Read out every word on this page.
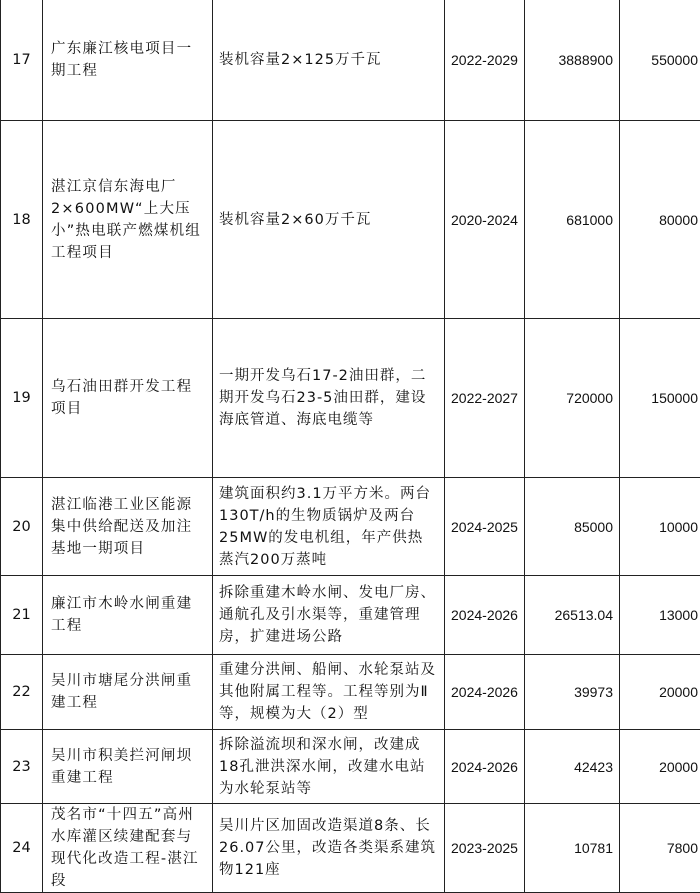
17	广东廉江核电项目一期工程	装机容量2×125万千瓦	2022-2029	3888900	550000
18	湛江京信东海电厂2×600MW“上大压小”热电联产燃煤机组工程项目	装机容量2×60万千瓦	2020-2024	681000	80000
19	乌石油田群开发工程项目	一期开发乌石17-2油田群，二期开发乌石23-5油田群，建设海底管道、海底电缆等	2022-2027	720000	150000
20	湛江临港工业区能源集中供给配送及加注基地一期项目	建筑面积约3.1万平方米。两台130T/h的生物质锅炉及两台25MW的发电机组，年产供热蒸汽200万蒸吨	2024-2025	85000	10000
21	廉江市木岭水闸重建工程	拆除重建木岭水闸、发电厂房、通航孔及引水渠等，重建管理房，扩建进场公路	2024-2026	26513.04	13000
22	吴川市塘尾分洪闸重建工程	重建分洪闸、船闸、水轮泵站及其他附属工程等。工程等别为Ⅱ等，规模为大（2）型	2024-2026	39973	20000
23	吴川市积美拦河闸坝重建工程	拆除溢流坝和深水闸，改建成18孔泄洪深水闸，改建水电站为水轮泵站等	2024-2026	42423	20000
24	茂名市“十四五”高州水库灌区续建配套与现代化改造工程-湛江段	吴川片区加固改造渠道8条、长26.07公里，改造各类渠系建筑物121座	2023-2025	10781	7800
